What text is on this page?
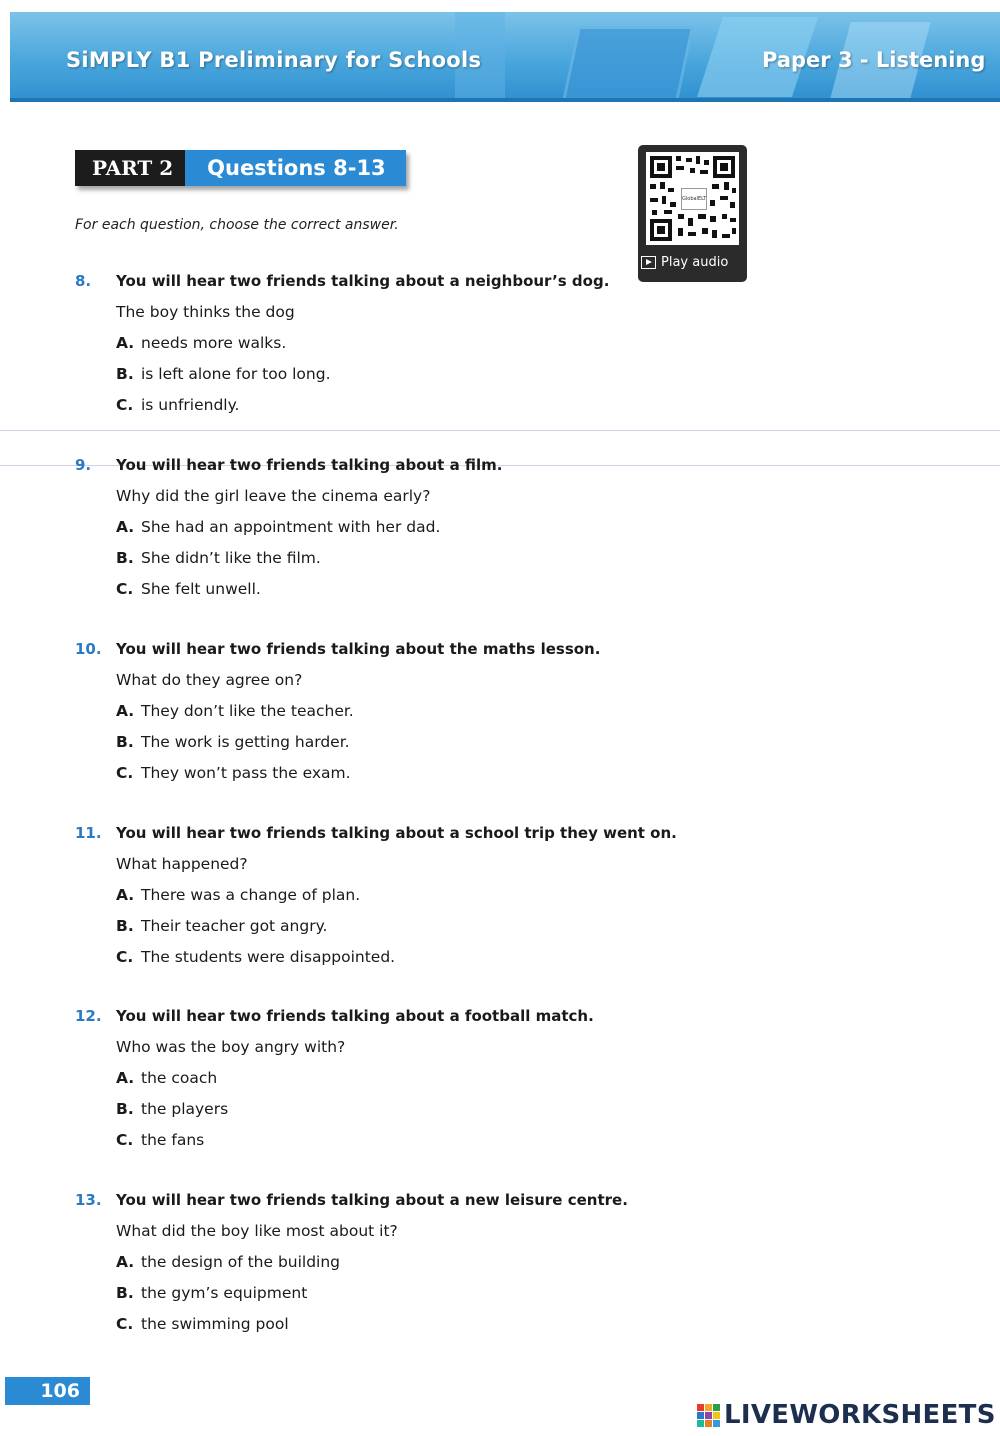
SiMPLY B1 Preliminary for Schools	Paper 3 - Listening
PART 2	Questions 8-13
For each question, choose the correct answer.
GlobalELT
Play audio
8. You will hear two friends talking about a neighbour’s dog.
The boy thinks the dog
A. needs more walks.
B. is left alone for too long.
C. is unfriendly.
9. You will hear two friends talking about a film.
Why did the girl leave the cinema early?
A. She had an appointment with her dad.
B. She didn’t like the film.
C. She felt unwell.
10. You will hear two friends talking about the maths lesson.
What do they agree on?
A. They don’t like the teacher.
B. The work is getting harder.
C. They won’t pass the exam.
11. You will hear two friends talking about a school trip they went on.
What happened?
A. There was a change of plan.
B. Their teacher got angry.
C. The students were disappointed.
12. You will hear two friends talking about a football match.
Who was the boy angry with?
A. the coach
B. the players
C. the fans
13. You will hear two friends talking about a new leisure centre.
What did the boy like most about it?
A. the design of the building
B. the gym’s equipment
C. the swimming pool
106
LIVEWORKSHEETS
